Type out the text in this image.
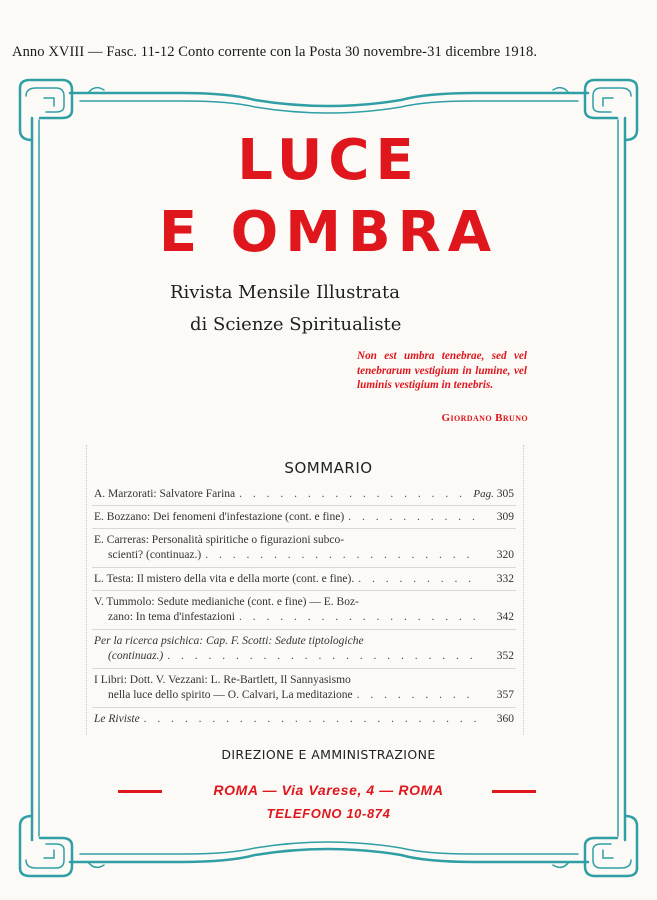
Anno XVIII — Fasc. 11-12 Conto corrente con la Posta 30 novembre-31 dicembre 1918.
LUCE
E OMBRA
Rivista Mensile Illustrata
di Scienze Spiritualiste
Non est umbra tenebrae, sed vel tenebrarum vestigium in lumine, vel luminis vestigium in tenebris.
Giordano Bruno
SOMMARIO
A. Marzorati: Salvatore Farina . . .	Pag. 305
E. Bozzano: Dei fenomeni d'infestazione (cont. e fine) . . .	309
E. Carreras: Personalità spiritiche o figurazioni subco-
scienti? (continuaz.) . . .	320
L. Testa: Il mistero della vita e della morte (cont. e fine). . . .	332
V. Tummolo: Sedute medianiche (cont. e fine) — E. Boz-
zano: In tema d'infestazioni . . .	342
Per la ricerca psichica: Cap. F. Scotti: Sedute tiptologiche
(continuaz.) . . .	352
I Libri: Dott. V. Vezzani: L. Re-Bartlett, Il Sannyasismo
nella luce dello spirito — O. Calvari, La meditazione . . .	357
Le Riviste . . .	360
DIREZIONE E AMMINISTRAZIONE
ROMA — Via Varese, 4 — ROMA
TELEFONO 10-874
